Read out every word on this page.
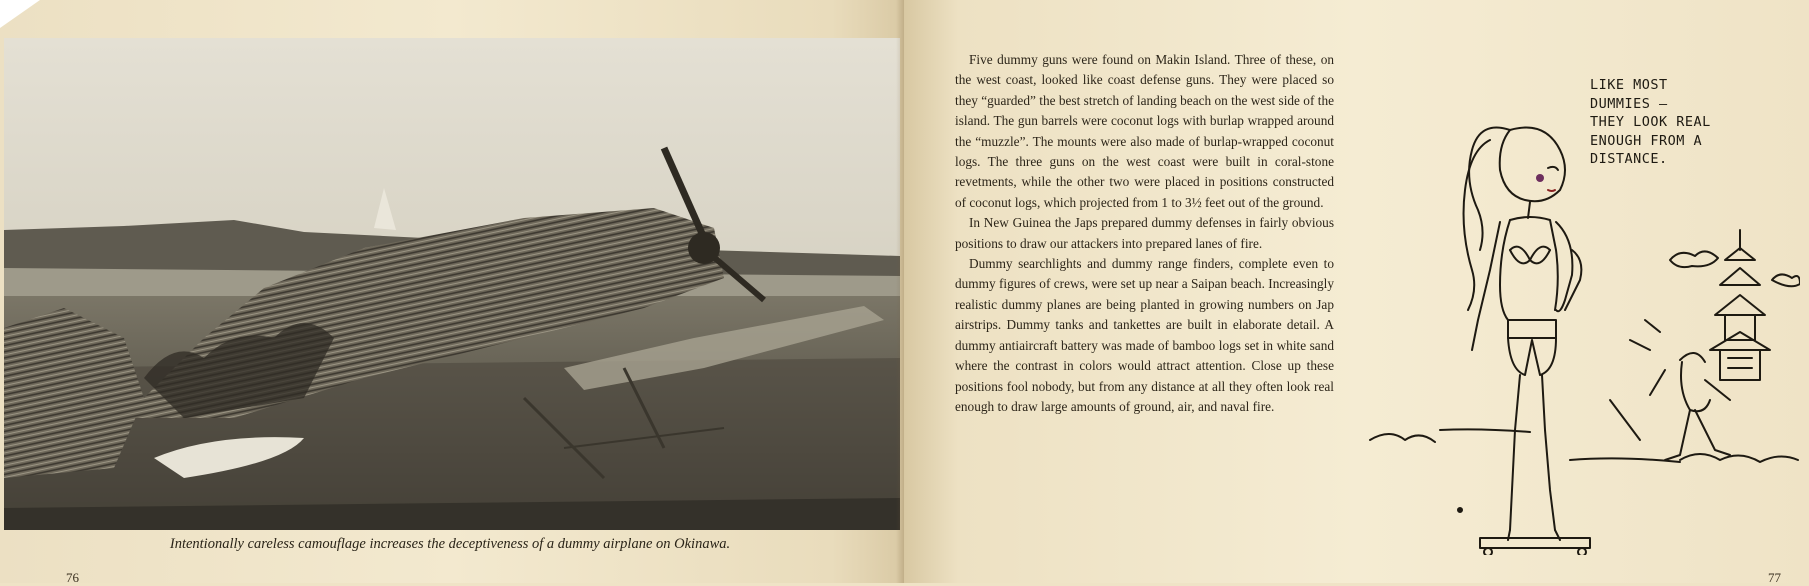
Intentionally careless camouflage increases the deceptiveness of a dummy airplane on Okinawa.
76

Five dummy guns were found on Makin Island. Three of these, on the west coast, looked like coast defense guns. They were placed so they “guarded” the best stretch of landing beach on the west side of the island. The gun barrels were coconut logs with burlap wrapped around the “muzzle”. The mounts were also made of burlap-wrapped coconut logs. The three guns on the west coast were built in coral-stone revetments, while the other two were placed in positions constructed of coconut logs, which projected from 1 to 3½ feet out of the ground.

In New Guinea the Japs prepared dummy defenses in fairly obvious positions to draw our attackers into prepared lanes of fire.

Dummy searchlights and dummy range finders, complete even to dummy figures of crews, were set up near a Saipan beach. Increasingly realistic dummy planes are being planted in growing numbers on Jap airstrips. Dummy tanks and tankettes are built in elaborate detail. A dummy antiaircraft battery was made of bamboo logs set in white sand where the contrast in colors would attract attention. Close up these positions fool nobody, but from any distance at all they often look real enough to draw large amounts of ground, air, and naval fire.

LIKE MOST
DUMMIES —
THEY LOOK REAL
ENOUGH FROM A
DISTANCE.
77
